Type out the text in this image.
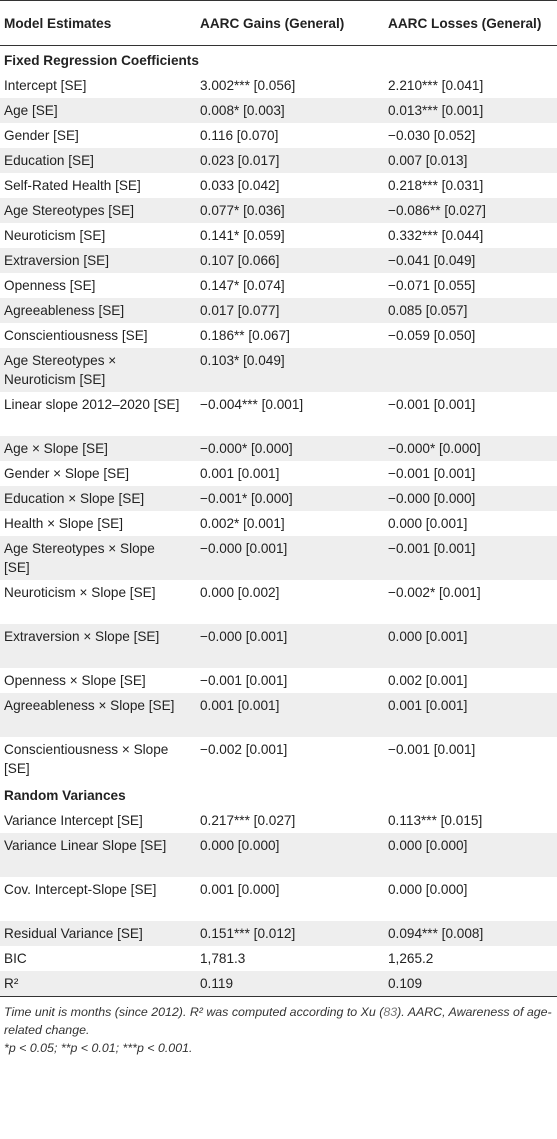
Model Estimates	AARC Gains (General)	AARC Losses (General)
Fixed Regression Coefficients		
Intercept [SE]	3.002*** [0.056]	2.210*** [0.041]
Age [SE]	0.008* [0.003]	0.013*** [0.001]
Gender [SE]	0.116 [0.070]	−0.030 [0.052]
Education [SE]	0.023 [0.017]	0.007 [0.013]
Self-Rated Health [SE]	0.033 [0.042]	0.218*** [0.031]
Age Stereotypes [SE]	0.077* [0.036]	−0.086** [0.027]
Neuroticism [SE]	0.141* [0.059]	0.332*** [0.044]
Extraversion [SE]	0.107 [0.066]	−0.041 [0.049]
Openness [SE]	0.147* [0.074]	−0.071 [0.055]
Agreeableness [SE]	0.017 [0.077]	0.085 [0.057]
Conscientiousness [SE]	0.186** [0.067]	−0.059 [0.050]
Age Stereotypes × Neuroticism [SE]	0.103* [0.049]	
Linear slope 2012–2020 [SE]	−0.004*** [0.001]	−0.001 [0.001]
Age × Slope [SE]	−0.000* [0.000]	−0.000* [0.000]
Gender × Slope [SE]	0.001 [0.001]	−0.001 [0.001]
Education × Slope [SE]	−0.001* [0.000]	−0.000 [0.000]
Health × Slope [SE]	0.002* [0.001]	0.000 [0.001]
Age Stereotypes × Slope [SE]	−0.000 [0.001]	−0.001 [0.001]
Neuroticism × Slope [SE]	0.000 [0.002]	−0.002* [0.001]
Extraversion × Slope [SE]	−0.000 [0.001]	0.000 [0.001]
Openness × Slope [SE]	−0.001 [0.001]	0.002 [0.001]
Agreeableness × Slope [SE]	0.001 [0.001]	0.001 [0.001]
Conscientiousness × Slope [SE]	−0.002 [0.001]	−0.001 [0.001]
Random Variances		
Variance Intercept [SE]	0.217*** [0.027]	0.113*** [0.015]
Variance Linear Slope [SE]	0.000 [0.000]	0.000 [0.000]
Cov. Intercept-Slope [SE]	0.001 [0.000]	0.000 [0.000]
Residual Variance [SE]	0.151*** [0.012]	0.094*** [0.008]
BIC	1,781.3	1,265.2
R²	0.119	0.109
Time unit is months (since 2012). R² was computed according to Xu (83). AARC, Awareness of age-related change.
*p < 0.05; **p < 0.01; ***p < 0.001.
